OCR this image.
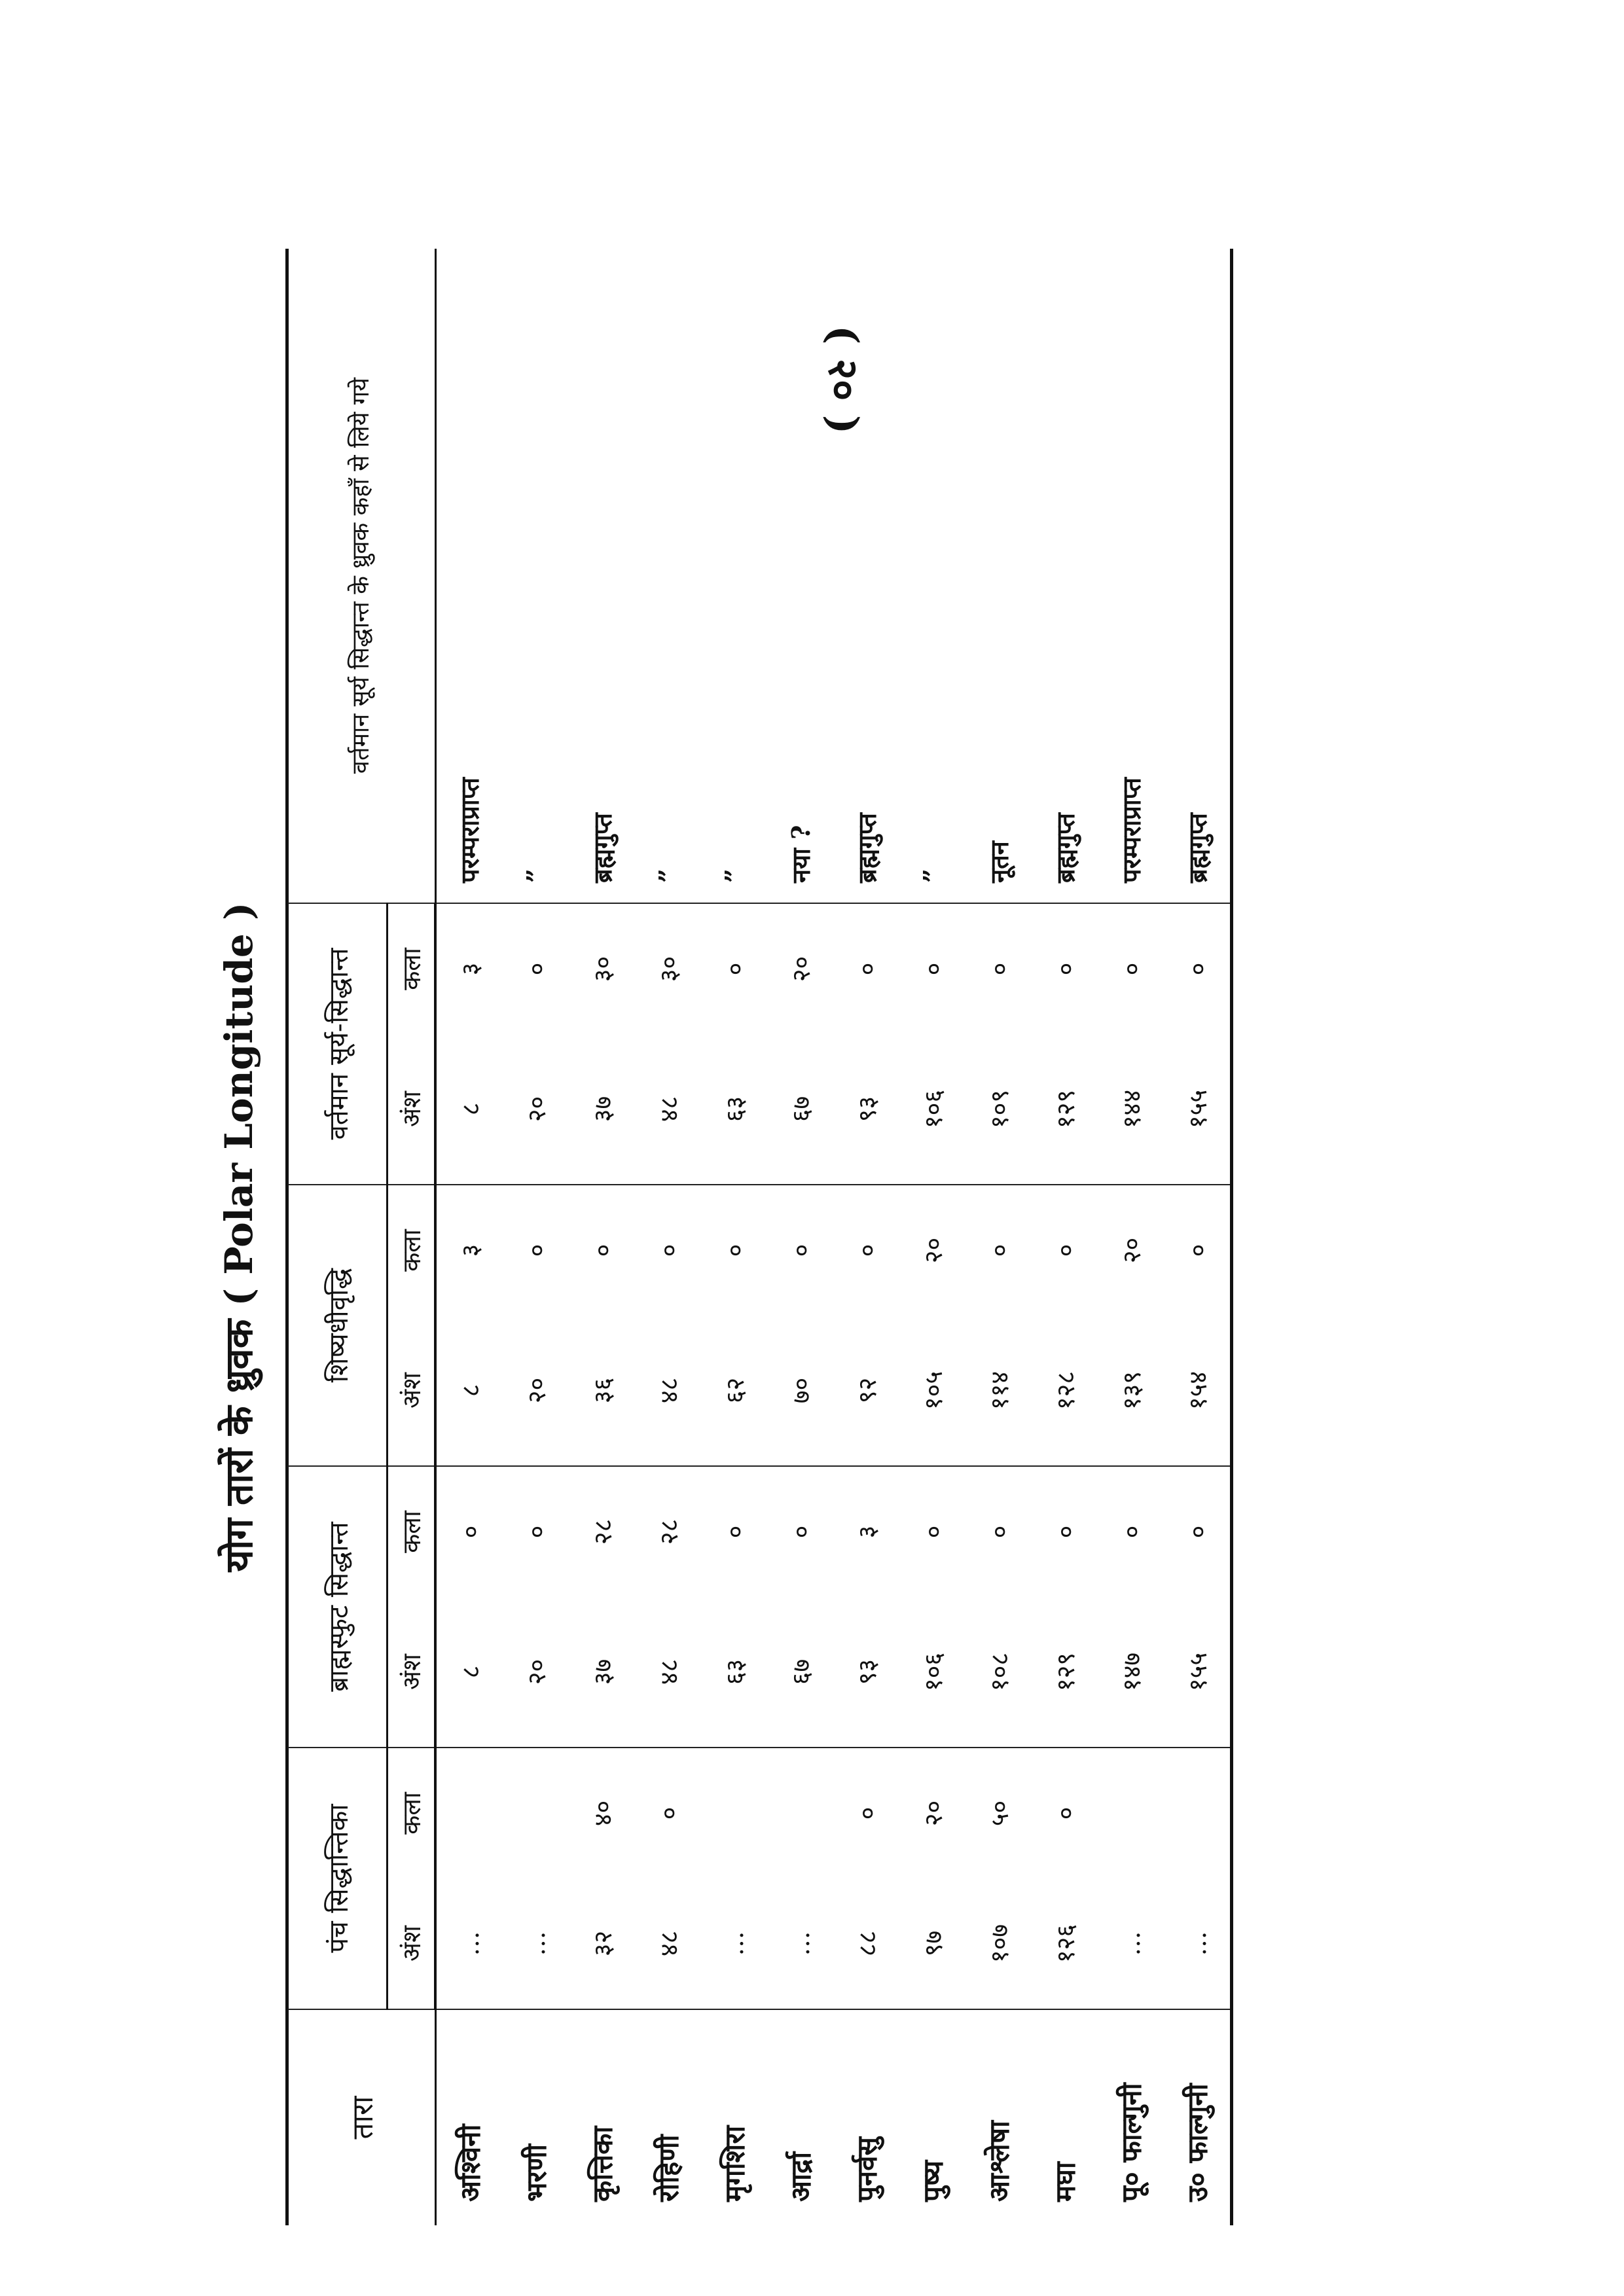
( २० )
योग तारों के ध्रुवक ( Polar Longitude )
तारा	पंच सिद्धान्तिका		ब्राह्मस्फुट सिद्धान्त		शिष्यधीवृद्धि		वर्तमान सूर्य-सिद्धान्त		वर्तमान सूर्य सिद्धान्त के ध्रुवक कहाँ से लिये गये
	अंश	कला	अंश	कला	अंश	कला	अंश	कला	
अश्विनी	…		८	०	८	३	८	३	परम्पराप्राप्त
भरणी	…		२०	०	२०	०	२०	०	”
कृत्तिका	३२	४०	३७	२८	३६	०	३७	३०	ब्रह्मगुप्त
रोहिणी	४८	०	४८	२८	४८	०	४८	३०	”
मृगशिरा	…		६३	०	६२	०	६३	०	”
आर्द्रा	…		६७	०	७०	०	६७	२०	नया ?
पुनर्वसु	८८	०	९३	३	९२	०	९३	०	ब्रह्मगुप्त
पुष्य	९७	२०	१०६	०	१०५	२०	१०६	०	”
आश्लेषा	१०७	५०	१०८	०	११४	०	१०९	०	नूतन
मघा	१२६	०	१२९	०	१२८	०	१२९	०	ब्रह्मगुप्त
पू० फाल्गुनी	…		१४७	०	१३९	२०	१४४	०	परम्पराप्राप्त
उ० फाल्गुनी	…		१५५	०	१५४	०	१५५	०	ब्रह्मगुप्त
